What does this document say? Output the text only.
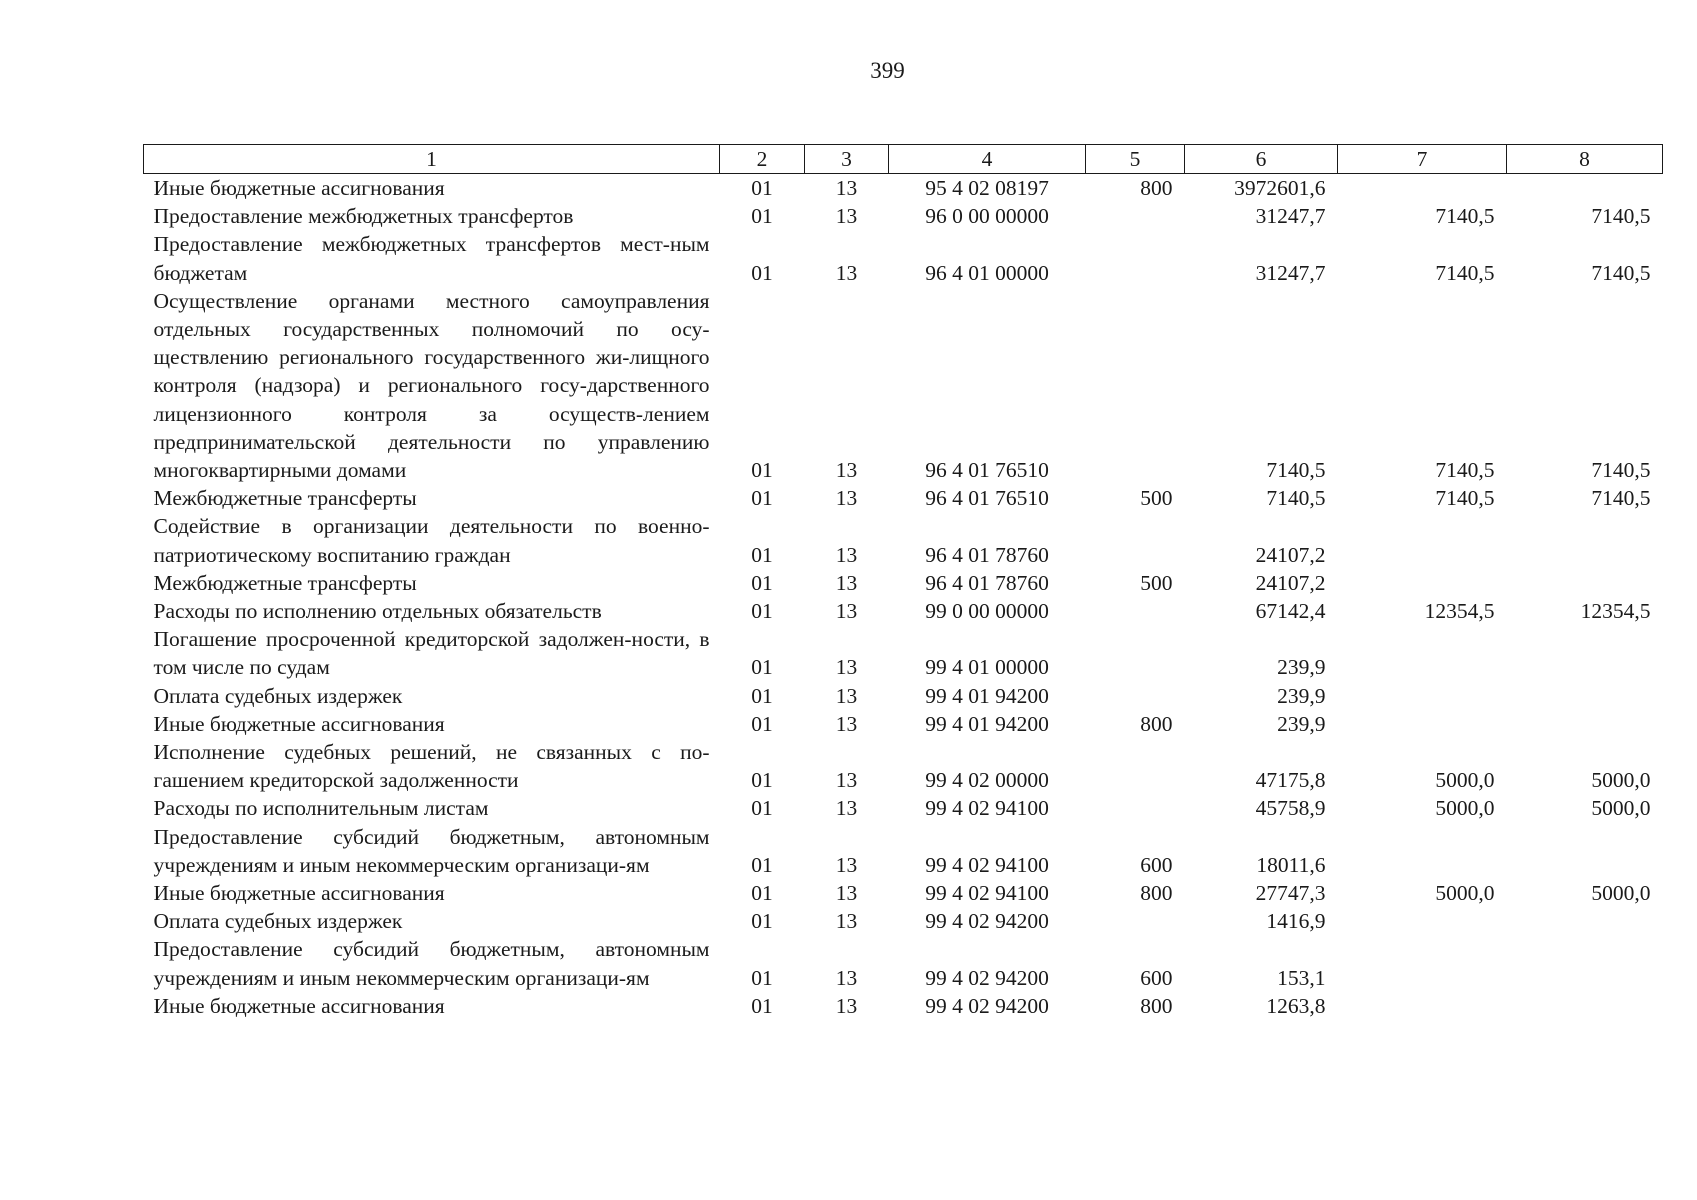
399
1	2	3	4	5	6	7	8
Иные бюджетные ассигнования	01	13	95 4 02 08197	800	3972601,6		
Предоставление межбюджетных трансфертов	01	13	96 0 00 00000		31247,7	7140,5	7140,5
Предоставление межбюджетных трансфертов мест-ным бюджетам	01	13	96 4 01 00000		31247,7	7140,5	7140,5
Осуществление органами местного самоуправления отдельных государственных полномочий по осу-ществлению регионального государственного жи-лищного контроля (надзора) и регионального госу-дарственного лицензионного контроля за осуществ-лением предпринимательской деятельности по управлению многоквартирными домами	01	13	96 4 01 76510		7140,5	7140,5	7140,5
Межбюджетные трансферты	01	13	96 4 01 76510	500	7140,5	7140,5	7140,5
Содействие в организации деятельности по военно-патриотическому воспитанию граждан	01	13	96 4 01 78760		24107,2		
Межбюджетные трансферты	01	13	96 4 01 78760	500	24107,2		
Расходы по исполнению отдельных обязательств	01	13	99 0 00 00000		67142,4	12354,5	12354,5
Погашение просроченной кредиторской задолжен-ности, в том числе по судам	01	13	99 4 01 00000		239,9		
Оплата судебных издержек	01	13	99 4 01 94200		239,9		
Иные бюджетные ассигнования	01	13	99 4 01 94200	800	239,9		
Исполнение судебных решений, не связанных с по-гашением кредиторской задолженности	01	13	99 4 02 00000		47175,8	5000,0	5000,0
Расходы по исполнительным листам	01	13	99 4 02 94100		45758,9	5000,0	5000,0
Предоставление субсидий бюджетным, автономным учреждениям и иным некоммерческим организаци-ям	01	13	99 4 02 94100	600	18011,6		
Иные бюджетные ассигнования	01	13	99 4 02 94100	800	27747,3	5000,0	5000,0
Оплата судебных издержек	01	13	99 4 02 94200		1416,9		
Предоставление субсидий бюджетным, автономным учреждениям и иным некоммерческим организаци-ям	01	13	99 4 02 94200	600	153,1		
Иные бюджетные ассигнования	01	13	99 4 02 94200	800	1263,8		
